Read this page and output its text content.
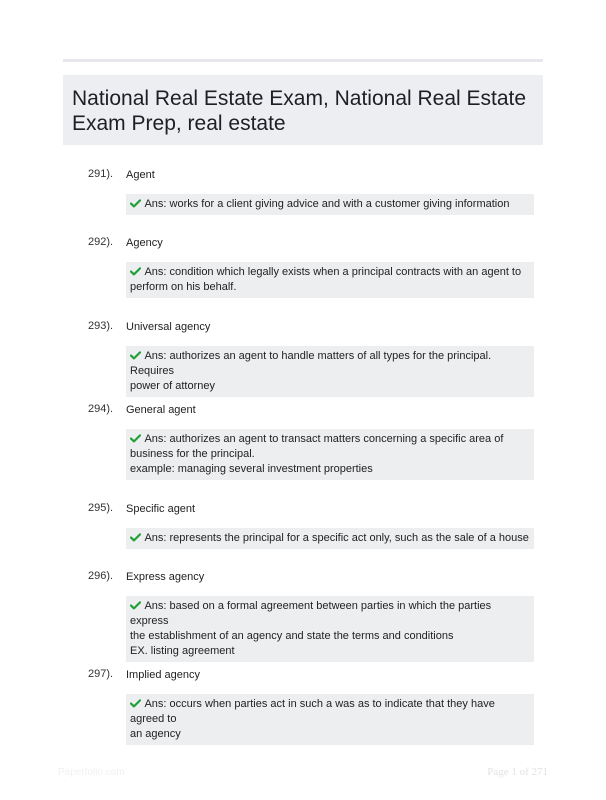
National Real Estate Exam, National Real Estate
Exam Prep, real estate
291). Agent
Ans: works for a client giving advice and with a customer giving information
292). Agency
Ans: condition which legally exists when a principal contracts with an agent to
perform on his behalf.
293). Universal agency
Ans: authorizes an agent to handle matters of all types for the principal. Requires
power of attorney
294). General agent
Ans: authorizes an agent to transact matters concerning a specific area of
business for the principal.
example: managing several investment properties
295). Specific agent
Ans: represents the principal for a specific act only, such as the sale of a house
296). Express agency
Ans: based on a formal agreement between parties in which the parties express
the establishment of an agency and state the terms and conditions
EX. listing agreement
297). Implied agency
Ans: occurs when parties act in such a was as to indicate that they have agreed to
an agency
Paperfolio.com	Page 1 of 271
